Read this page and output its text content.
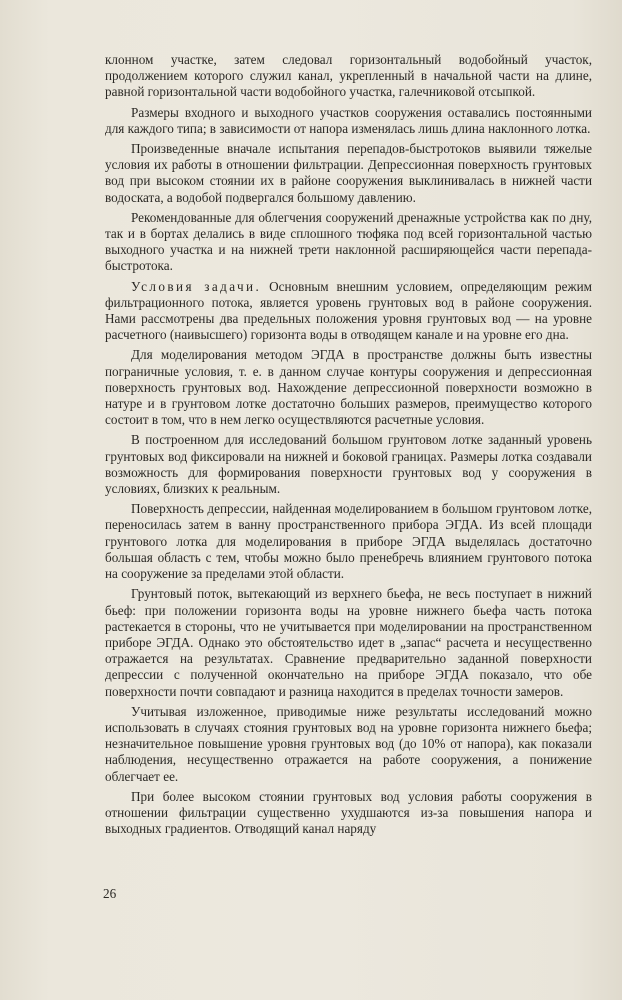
клонном участке, затем следовал горизонтальный водобойный участок, продолжением которого служил канал, укрепленный в начальной части на длине, равной горизонтальной части водобойного участка, галечниковой отсыпкой.

Размеры входного и выходного участков сооружения оставались постоянными для каждого типа; в зависимости от напора изменялась лишь длина наклонного лотка.

Произведенные вначале испытания перепадов-быстротоков выявили тяжелые условия их работы в отношении фильтрации. Депрессионная поверхность грунтовых вод при высоком стоянии их в районе сооружения выклинивалась в нижней части водоската, а водобой подвергался большому давлению.

Рекомендованные для облегчения сооружений дренажные устройства как по дну, так и в бортах делались в виде сплошного тюфяка под всей горизонтальной частью выходного участка и на нижней трети наклонной расширяющейся части перепада-быстротока.

Условия задачи. Основным внешним условием, определяющим режим фильтрационного потока, является уровень грунтовых вод в районе сооружения. Нами рассмотрены два предельных положения уровня грунтовых вод — на уровне расчетного (наивысшего) горизонта воды в отводящем канале и на уровне его дна.

Для моделирования методом ЭГДА в пространстве должны быть известны пограничные условия, т. е. в данном случае контуры сооружения и депрессионная поверхность грунтовых вод. Нахождение депрессионной поверхности возможно в натуре и в грунтовом лотке достаточно больших размеров, преимущество которого состоит в том, что в нем легко осуществляются расчетные условия.

В построенном для исследований большом грунтовом лотке заданный уровень грунтовых вод фиксировали на нижней и боковой границах. Размеры лотка создавали возможность для формирования поверхности грунтовых вод у сооружения в условиях, близких к реальным.

Поверхность депрессии, найденная моделированием в большом грунтовом лотке, переносилась затем в ванну пространственного прибора ЭГДА. Из всей площади грунтового лотка для моделирования в приборе ЭГДА выделялась достаточно большая область с тем, чтобы можно было пренебречь влиянием грунтового потока на сооружение за пределами этой области.

Грунтовый поток, вытекающий из верхнего бьефа, не весь поступает в нижний бьеф: при положении горизонта воды на уровне нижнего бьефа часть потока растекается в стороны, что не учитывается при моделировании на пространственном приборе ЭГДА. Однако это обстоятельство идет в „запас“ расчета и несущественно отражается на результатах. Сравнение предварительно заданной поверхности депрессии с полученной окончательно на приборе ЭГДА показало, что обе поверхности почти совпадают и разница находится в пределах точности замеров.

Учитывая изложенное, приводимые ниже результаты исследований можно использовать в случаях стояния грунтовых вод на уровне горизонта нижнего бьефа; незначительное повышение уровня грунтовых вод (до 10% от напора), как показали наблюдения, несущественно отражается на работе сооружения, а понижение облегчает ее.

При более высоком стоянии грунтовых вод условия работы сооружения в отношении фильтрации существенно ухудшаются из-за повышения напора и выходных градиентов. Отводящий канал наряду

26
